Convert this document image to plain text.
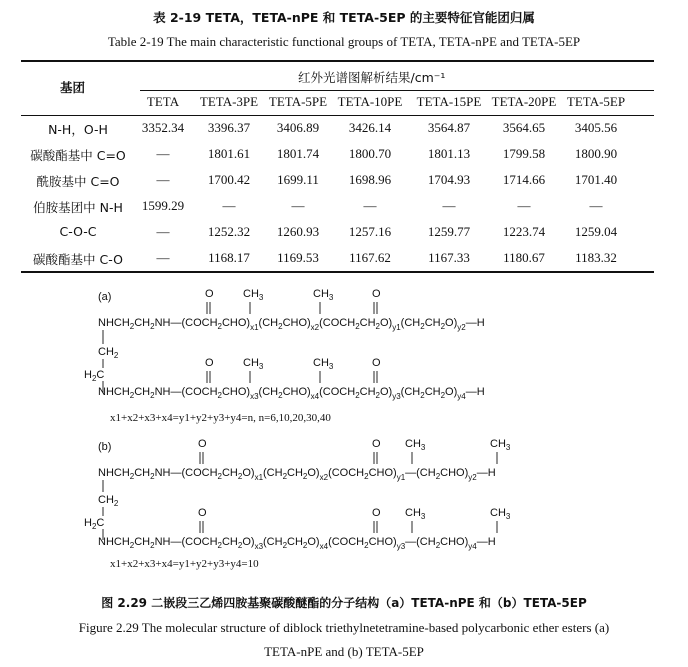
表 2-19 TETA，TETA-nPE 和 TETA-5EP 的主要特征官能团归属
Table 2-19 The main characteristic functional groups of TETA, TETA-nPE and TETA-5EP
基团
红外光谱图解析结果/cm⁻¹
TETA TETA-3PE TETA-5PE TETA-10PE TETA-15PE TETA-20PE TETA-5EP
N-H，O-H	3352.34 3396.37 3406.89 3426.14	3564.87	3564.65 3405.56
碳酸酯基中 C=O —	1801.61 1801.74 1800.70	1801.13	1799.58 1800.90
酰胺基中 C=O	—	1700.42 1699.11 1698.96	1704.93	1714.66 1701.40
伯胺基团中 N-H 1599.29	—	—	—	—	—	—
C-O-C	—	1252.32 1260.93 1257.16	1259.77	1223.74 1259.04
碳酸酯基中 C-O	—	1168.17 1169.53 1167.62	1167.33	1180.67 1183.32
(a)	O	$CH_3$	$CH_3$	O
$NHCH_2CH_2NH—(COCH_2CHO)_{x1}(CH_2CHO)_{x2}(COCH_2CH_2O)_{y1}(CH_2CH_2O)_{y2}—H$
$CH_2$
$H_2C$
O	$CH_3$	$CH_3$	O
$NHCH_2CH_2NH—(COCH_2CHO)_{x3}(CH_2CHO)_{x4}(COCH_2CH_2O)_{y3}(CH_2CH_2O)_{y4}—H$
x1+x2+x3+x4=y1+y2+y3+y4=n, n=6,10,20,30,40
(b)	O	O $CH_3$	$CH_3$
$NHCH_2CH_2NH—(COCH_2CH_2O)_{x1}(CH_2CH_2O)_{x2}(COCH_2CHO)_{y1}—(CH_2CHO)_{y2}—H$
$CH_2$
$H_2C$
O	O $CH_3$	$CH_3$
$NHCH_2CH_2NH—(COCH_2CH_2O)_{x3}(CH_2CH_2O)_{x4}(COCH_2CHO)_{y3}—(CH_2CHO)_{y4}—H$
x1+x2+x3+x4=y1+y2+y3+y4=10
图 2.29 二嵌段三乙烯四胺基聚碳酸醚酯的分子结构（a）TETA-nPE 和（b）TETA-5EP
Figure 2.29 The molecular structure of diblock triethylnetetramine-based polycarbonic ether esters (a)
TETA-nPE and (b) TETA-5EP
